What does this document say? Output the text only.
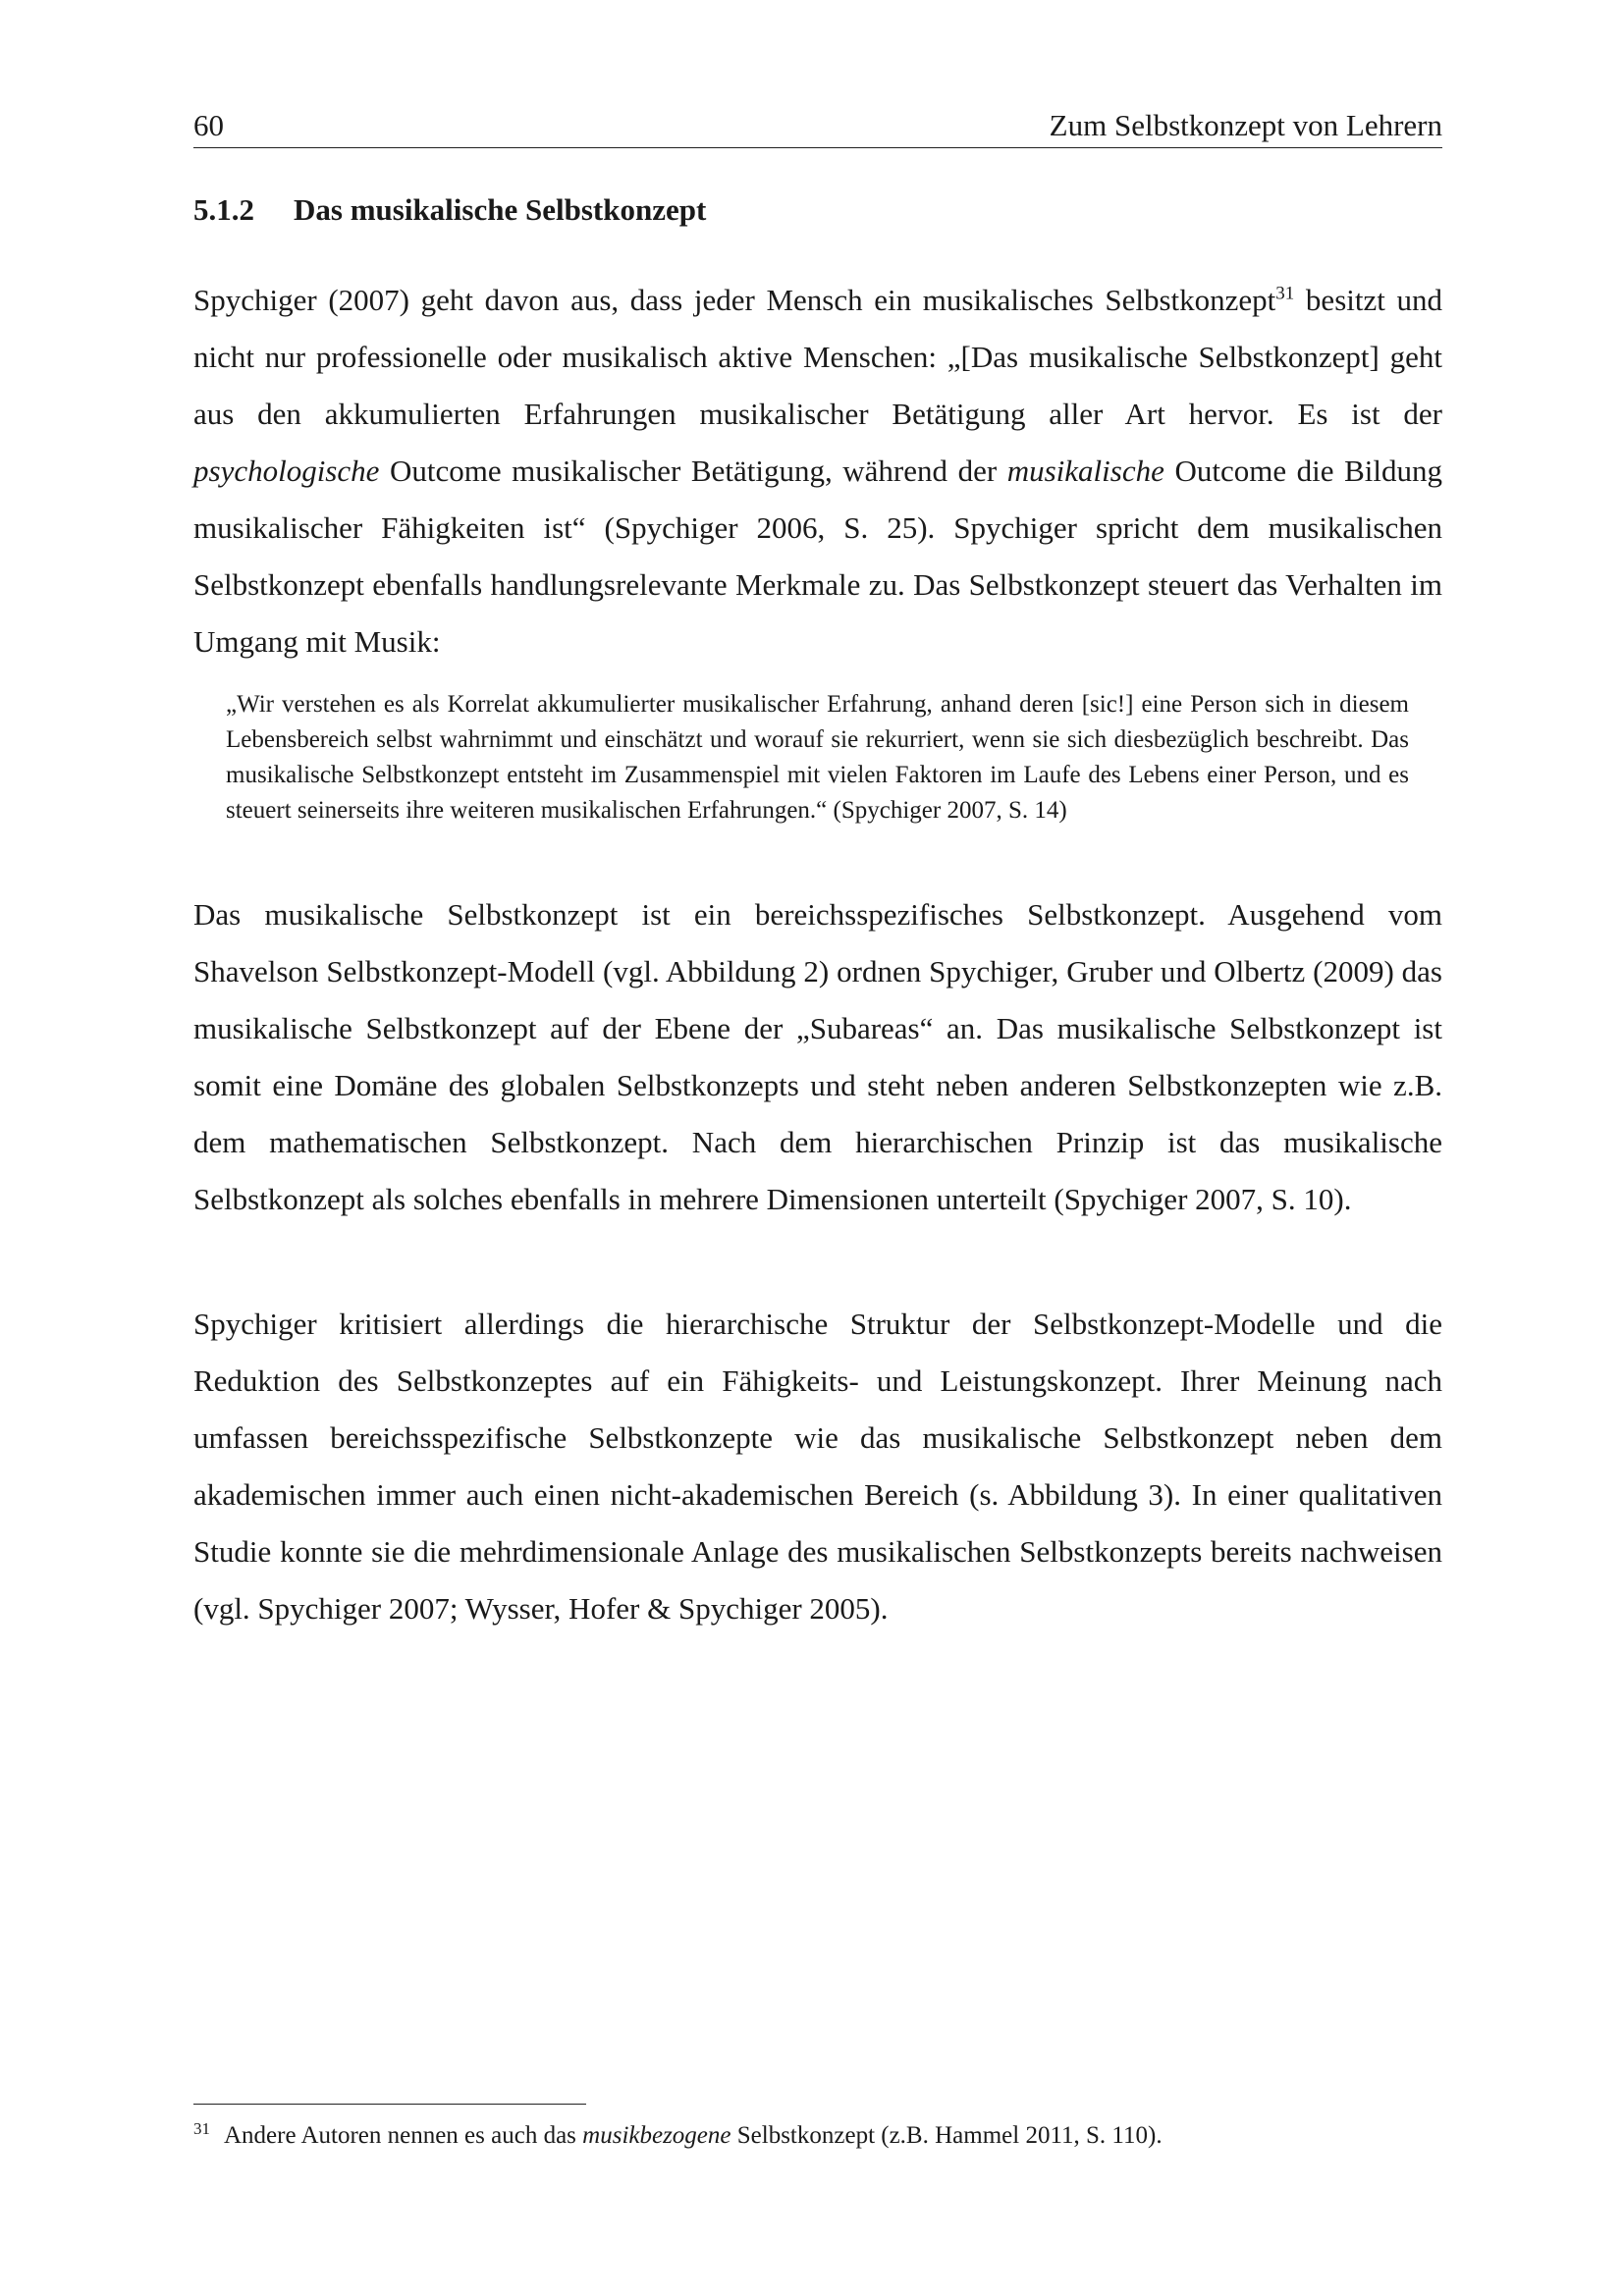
60	Zum Selbstkonzept von Lehrern
5.1.2 Das musikalische Selbstkonzept

Spychiger (2007) geht davon aus, dass jeder Mensch ein musikalisches Selbstkonzept$^{31}$ besitzt und nicht nur professionelle oder musikalisch aktive Menschen: „[Das musikalische Selbstkonzept] geht aus den akkumulierten Erfahrungen musikalischer Betätigung aller Art hervor. Es ist der psychologische Outcome musikalischer Betätigung, während der musikalische Outcome die Bildung musikalischer Fähigkeiten ist“ (Spychiger 2006, S. 25). Spychiger spricht dem musikalischen Selbstkonzept ebenfalls handlungsrelevante Merkmale zu. Das Selbstkonzept steuert das Verhalten im Umgang mit Musik:

„Wir verstehen es als Korrelat akkumulierter musikalischer Erfahrung, anhand deren [sic!] eine Person sich in diesem Lebensbereich selbst wahrnimmt und einschätzt und worauf sie rekurriert, wenn sie sich diesbezüglich beschreibt. Das musikalische Selbstkonzept entsteht im Zusammenspiel mit vielen Faktoren im Laufe des Lebens einer Person, und es steuert seinerseits ihre weiteren musikalischen Erfahrungen.“ (Spychiger 2007, S. 14)

Das musikalische Selbstkonzept ist ein bereichsspezifisches Selbstkonzept. Ausgehend vom Shavelson Selbstkonzept-Modell (vgl. Abbildung 2) ordnen Spychiger, Gruber und Olbertz (2009) das musikalische Selbstkonzept auf der Ebene der „Subareas“ an. Das musikalische Selbstkonzept ist somit eine Domäne des globalen Selbstkonzepts und steht neben anderen Selbstkonzepten wie z.B. dem mathematischen Selbstkonzept. Nach dem hierarchischen Prinzip ist das musikalische Selbstkonzept als solches ebenfalls in mehrere Dimensionen unterteilt (Spychiger 2007, S. 10).

Spychiger kritisiert allerdings die hierarchische Struktur der Selbstkonzept-Modelle und die Reduktion des Selbstkonzeptes auf ein Fähigkeits- und Leistungskonzept. Ihrer Meinung nach umfassen bereichsspezifische Selbstkonzepte wie das musikalische Selbstkonzept neben dem akademischen immer auch einen nicht-akademischen Bereich (s. Abbildung 3). In einer qualitativen Studie konnte sie die mehrdimensionale Anlage des musikalischen Selbstkonzepts bereits nachweisen (vgl. Spychiger 2007; Wysser, Hofer & Spychiger 2005).

$^{31}$ Andere Autoren nennen es auch das musikbezogene Selbstkonzept (z.B. Hammel 2011, S. 110).
